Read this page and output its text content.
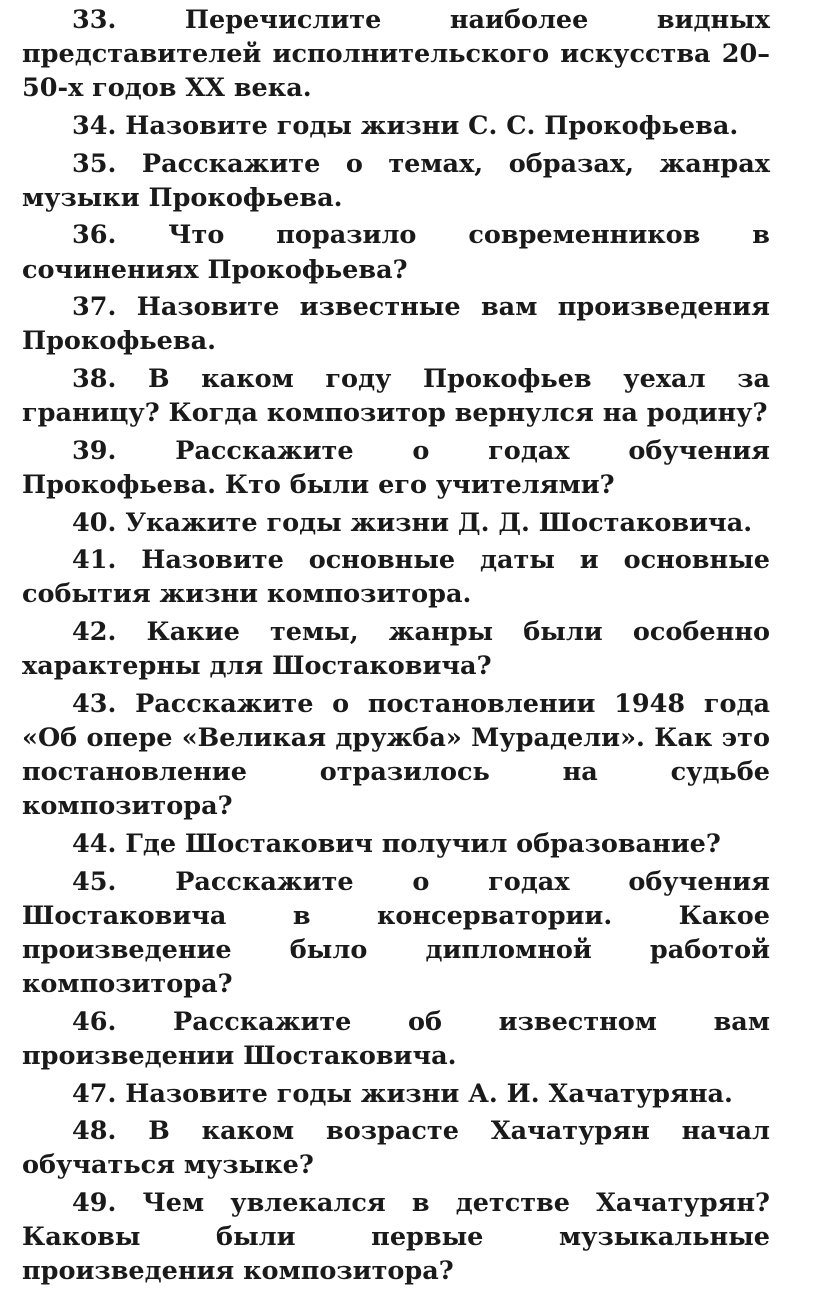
33.	Перечислите наиболее видных представителей исполнительского искусства 20–50-х годов XX века.

34. Назовите годы жизни С. С. Прокофьева.

35. Расскажите о темах, образах, жанрах музыки Прокофьева.

36. Что поразило современников в сочинениях Прокофьева?

37. Назовите известные вам произведения Прокофьева.

38. В каком году Прокофьев уехал за границу? Когда композитор вернулся на родину?

39. Расскажите о годах обучения Прокофьева. Кто были его учителями?

40. Укажите годы жизни Д. Д. Шостаковича.

41. Назовите основные даты и основные события жизни композитора.

42. Какие темы, жанры были особенно характерны для Шостаковича?

43. Расскажите о постановлении 1948 года «Об опере «Великая дружба» Мурадели». Как это постановление отразилось на судьбе композитора?

44. Где Шостакович получил образование?

45. Расскажите о годах обучения Шостаковича в консерватории. Какое произведение было дипломной работой композитора?

46. Расскажите об известном вам произведении Шостаковича.

47. Назовите годы жизни А. И. Хачатуряна.

48. В каком возрасте Хачатурян начал обучаться музыке?

49. Чем увлекался в детстве Хачатурян? Каковы были первые музыкальные произведения композитора?
